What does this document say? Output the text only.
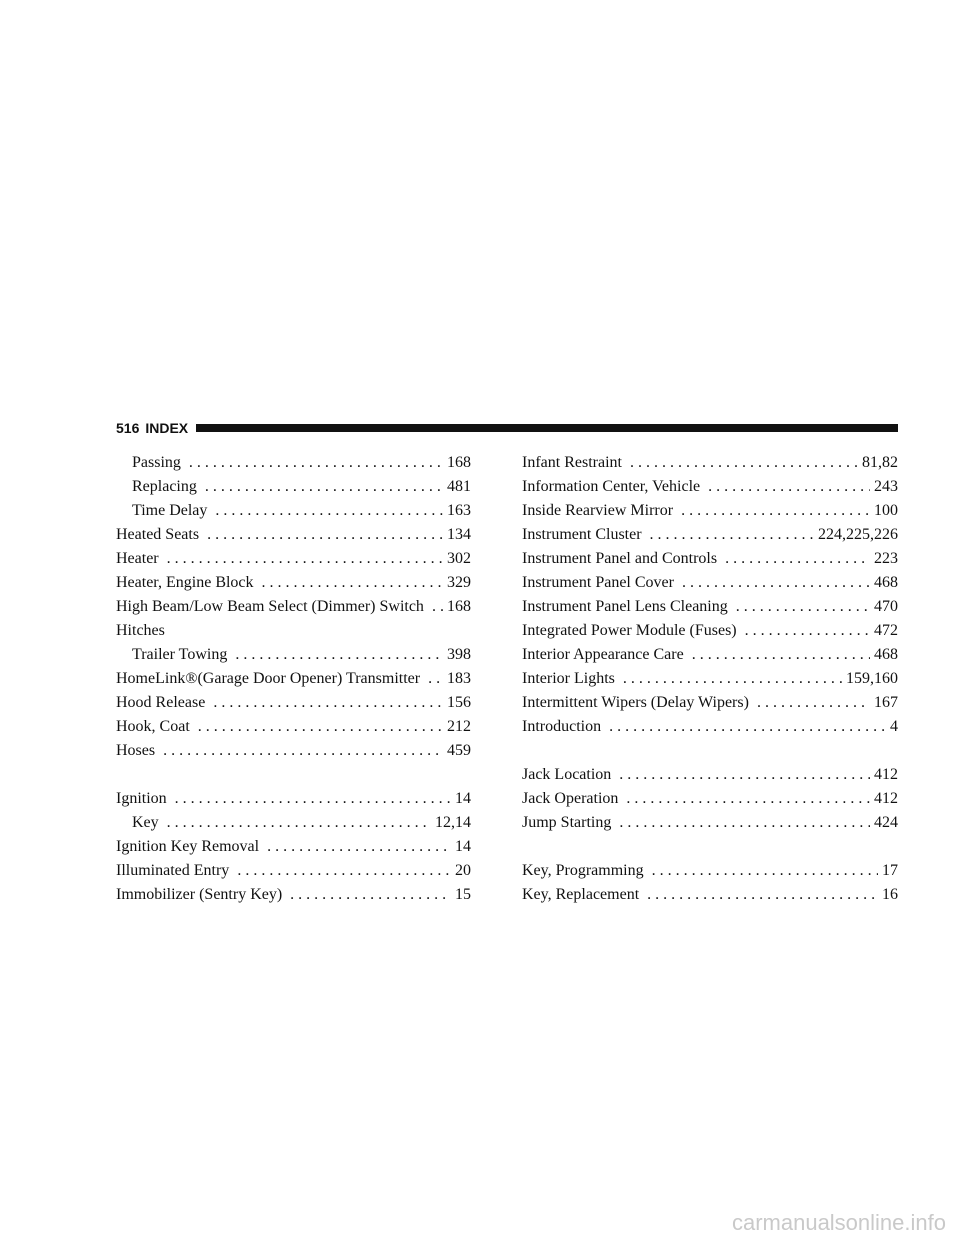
516 INDEX
Passing . . .	168
Replacing . . .	481
Time Delay . . .	163
Heated Seats . . .	134
Heater . . .	302
Heater, Engine Block . . .	329
High Beam/Low Beam Select (Dimmer) Switch . . . 168
Hitches
Trailer Towing . . .	398
HomeLink®(Garage Door Opener) Transmitter . . . 183
Hood Release . . .	156
Hook, Coat . . .	212
Hoses . . .	459
Ignition . . .	14
Key . . .	12,14
Ignition Key Removal . . .	14
Illuminated Entry . . .	20
Immobilizer (Sentry Key) . . .	15
Infant Restraint . . .	81,82
Information Center, Vehicle . . .	243
Inside Rearview Mirror . . .	100
Instrument Cluster . . .	224,225,226
Instrument Panel and Controls . . .	223
Instrument Panel Cover . . .	468
Instrument Panel Lens Cleaning . . .	470
Integrated Power Module (Fuses) . . .	472
Interior Appearance Care . . .	468
Interior Lights . . .	159,160
Intermittent Wipers (Delay Wipers) . . .	167
Introduction . . .	4
Jack Location . . .	412
Jack Operation . . .	412
Jump Starting . . .	424
Key, Programming . . .	17
Key, Replacement . . .	16
carmanualsonline.info
